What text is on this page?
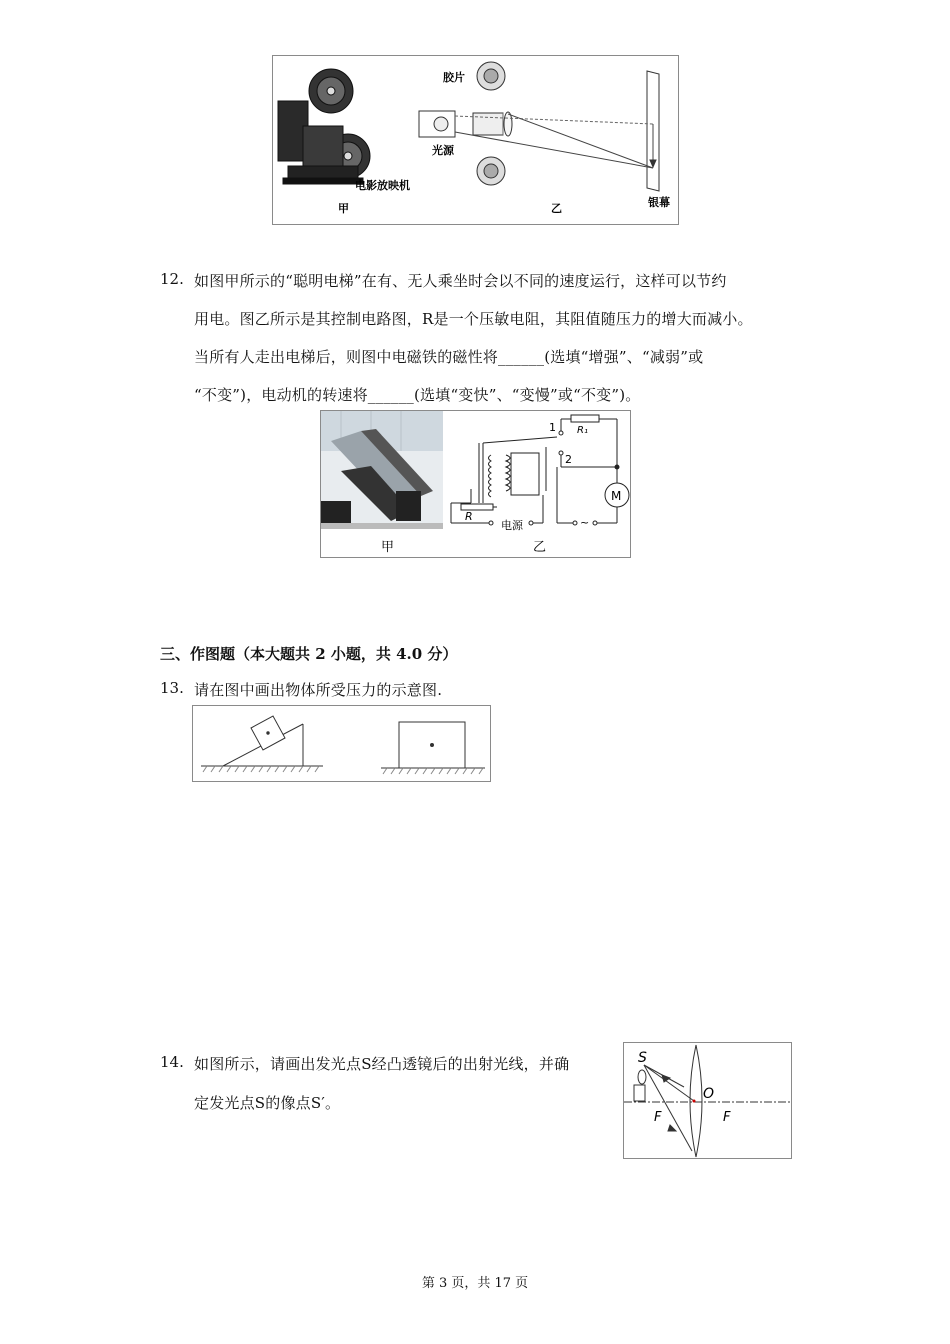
电影放映机
甲
胶片
光源
银幕
乙
12. 如图甲所示的“聪明电梯”在有、无人乘坐时会以不同的速度运行，这样可以节约
用电。图乙所示是其控制电路图，R是一个压敏电阻，其阻值随压力的增大而减小。
当所有人走出电梯后，则图中电磁铁的磁性将______(选填“增强”、“减弱”或
“不变”)，电动机的转速将______(选填“变快”、“变慢”或“不变”)。
甲
1
2
R₁
R
电源
M
~
乙
三、作图题（本大题共 2 小题，共 4.0 分）
13. 请在图中画出物体所受压力的示意图.
14. 如图所示，请画出发光点S经凸透镜后的出射光线，并确
定发光点S的像点S′。
S
O
F	F
第 3 页，共 17 页
